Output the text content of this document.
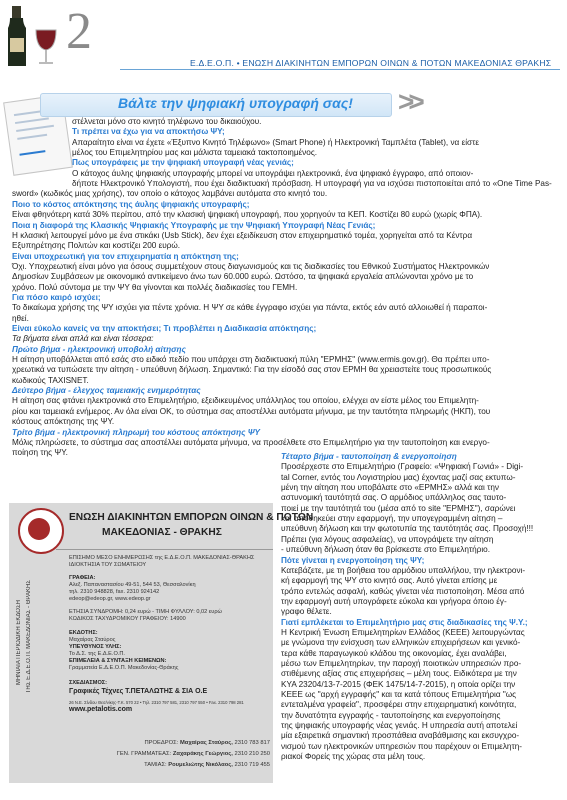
2
Ε.Δ.Ε.Ο.Π. • ΕΝΩΣΗ ΔΙΑΚΙΝΗΤΩΝ ΕΜΠΟΡΩΝ ΟΙΝΩΝ & ΠΟΤΩΝ ΜΑΚΕΔΟΝΙΑΣ ΘΡΑΚΗΣ
Βάλτε την ψηφιακή υπογραφή σας! >>
στέλνεται μόνο στο κινητό τηλέφωνο του δικαιούχου.
Τι πρέπει να έχω για να αποκτήσω ΨΥ;
Απαραίτητο είναι να έχετε «Έξυπνο Κινητό Τηλέφωνο» (Smart Phone) ή Ηλεκτρονική Ταμπλέτα (Tablet), να είστε
μέλος του Επιμελητηρίου μας και μάλιστα ταμειακά τακτοποιημένος.
Πως υπογράφεις με την ψηφιακή υπογραφή νέας γενιάς;
Ο κάτοχος άυλης ψηφιακής υπογραφής μπορεί να υπογράψει ηλεκτρονικά, ένα ψηφιακό έγγραφο, από οποιον-
δήποτε Ηλεκτρονικό Υπολογιστή, που έχει διαδικτυακή πρόσβαση. Η υπογραφή για να ισχύσει πιστοποιείται από το «One Time Pas-
sword» (κωδικός μιας χρήσης), τον οποίο ο κάτοχος λαμβάνει αυτόματα στο κινητό του.
Ποιο το κόστος απόκτησης της άυλης ψηφιακής υπογραφής;
Είναι φθηνότερη κατά 30% περίπου, από την κλασική ψηφιακή υπογραφή, που χορηγούν τα ΚΕΠ. Κοστίζει 80 ευρώ (χωρίς ΦΠΑ).
Ποια η διαφορά της Κλασικής Ψηφιακής Υπογραφής με την Ψηφιακή Υπογραφή Νέας Γενιάς;
Η κλασική λειτουργεί μόνο με ένα στικάκι (Usb Stick), δεν έχει εξειδίκευση στον επιχειρηματικό τομέα, χορηγείται από τα Κέντρα
Εξυπηρέτησης Πολιτών και κοστίζει 200 ευρώ.
Είναι υποχρεωτική για τον επιχειρηματία η απόκτηση της;
Όχι. Υποχρεωτική είναι μόνο για όσους συμμετέχουν στους διαγωνισμούς και τις διαδικασίες του Εθνικού Συστήματος Ηλεκτρονικών
Δημοσίων Συμβάσεων με οικονομικό αντικείμενο άνω των 60.000 ευρώ. Ωστόσο, τα ψηφιακά εργαλεία απλώνονται χρόνο με το
χρόνο. Πολύ σύντομα με την ΨΥ θα γίνονται και πολλές διαδικασίες του ΓΕΜΗ.
Για πόσο καιρό ισχύει;
Το δικαίωμα χρήσης της ΨΥ ισχύει για πέντε χρόνια. Η ΨΥ σε κάθε έγγραφο ισχύει για πάντα, εκτός εάν αυτό αλλοιωθεί ή παραποι-
ηθεί.
Είναι εύκολο κανείς να την αποκτήσει; Τι προβλέπει η Διαδικασία απόκτησης;
Τα βήματα είναι απλά και είναι τέσσερα:
Πρώτο βήμα - ηλεκτρονική υποβολή αίτησης
Η αίτηση υποβάλλεται από εσάς στο ειδικό πεδίο που υπάρχει στη διαδικτυακή πύλη "ΕΡΜΗΣ" (www.ermis.gov.gr). Θα πρέπει υπο-
χρεωτικά να τυπώσετε την αίτηση - υπεύθυνη δήλωση. Σημαντικό: Για την είσοδό σας στον ΕΡΜΗ θα χρειαστείτε τους προσωπικούς
κωδικούς TAXISNET.
Δεύτερο βήμα - έλεγχος ταμειακής ενημερότητας
Η αίτηση σας φτάνει ηλεκτρονικά στο Επιμελητήριο, εξειδικευμένος υπάλληλος του οποίου, ελέγχει αν είστε μέλος του Επιμελητη-
ρίου και ταμειακά ενήμερος. Αν όλα είναι ΟΚ, το σύστημα σας αποστέλλει αυτόματα μήνυμα, με την ταυτότητα πληρωμής (ΗΚΠ), του
κόστους απόκτησης της ΨΥ.
Τρίτο βήμα - ηλεκτρονική πληρωμή του κόστους απόκτησης ΨΥ
Μόλις πληρώσετε, το σύστημα σας αποστέλλει αυτόματα μήνυμα, να προσέλθετε στο Επιμελητήριο για την ταυτοποίηση και ενεργο-
ποίηση της ΨΥ.	Τέταρτο βήμα - ταυτοποίηση & ενεργοποίηση
Προσέρχεστε στο Επιμελητήριο (Γραφείο: «Ψηφιακή Γωνιά» - Digi-
tal Corner, εντός του Λογιστηρίου μας) έχοντας μαζί σας εκτυπω-
μένη την αίτηση που υποβάλατε στο «ΕΡΜΗΣ» αλλά και την
αστυνομική ταυτότητά σας. Ο αρμόδιος υπάλληλος σας ταυτο-
ποιεί με την ταυτότητά του (μέσα από το site "ΕΡΜΗΣ"), σαρώνει
και αποθηκεύει στην εφαρμογή, την υπογεγραμμένη αίτηση –
υπεύθυνη δήλωση και την φωτοτυπία της ταυτότητάς σας. Προσοχή!!!
Πρέπει (για λόγους ασφαλείας), να υπογράψετε την αίτηση
- υπεύθυνη δήλωση όταν θα βρίσκεστε στο Επιμελητήριο.
Πότε γίνεται η ενεργοποίηση της ΨΥ;
Κατεβάζετε, με τη βοήθεια του αρμόδιου υπαλλήλου, την ηλεκτρονι-
κή εφαρμογή της ΨΥ στο κινητό σας. Αυτό γίνεται επίσης με
τρόπο εντελώς ασφαλή, καθώς γίνεται νέα πιστοποίηση. Μέσα από
την εφαρμογή αυτή υπογράφετε εύκολα και γρήγορα όποιο έγ-
γραφο θέλετε.
Γιατί εμπλέκεται το Επιμελητήριο μας στις διαδικασίες της Ψ.Υ.;
Η Κεντρική Ένωση Επιμελητηρίων Ελλάδος (ΚΕΕΕ) λειτουργώντας
με γνώμονα την ενίσχυση των ελληνικών επιχειρήσεων και γενικό-
τερα κάθε παραγωγικού κλάδου της οικονομίας, έχει αναλάβει,
μέσω των Επιμελητηρίων, την παροχή ποιοτικών υπηρεσιών προ-
στιθέμενης αξίας στις επιχειρήσεις – μέλη τους. Ειδικότερα με την
ΚΥΑ 23204/13-7-2015 (ΦΕΚ 1475/14-7-2015), η οποία ορίζει την
ΚΕΕΕ ως "αρχή εγγραφής" και τα κατά τόπους Επιμελητήρια "ως
εντεταλμένα γραφεία", προσφέρει στην επιχειρηματική κοινότητα,
την δυνατότητα εγγραφής - ταυτοποίησης και ενεργοποίησης
της ψηφιακής υπογραφής νέας γενιάς. Η υπηρεσία αυτή αποτελεί
μία εξαιρετικά σημαντική προσπάθεια αναβάθμισης και εκσυγχρο-
νισμού των ηλεκτρονικών υπηρεσιών που παρέχουν οι Επιμελητη-
ριακοί Φορείς της χώρας στα μέλη τους.
ΜΗΝΙΑΙΑ ΠΕΡΙΟΔΙΚΗ ΕΚΔΟΣΗ ΤΗΣ Ε.Δ.Ε.Ο.Π. ΜΑΚΕΔΟΝΙΑΣ - ΘΡΑΚΗΣ
ΕΝΩΣΗ ΔΙΑΚΙΝΗΤΩΝ ΕΜΠΟΡΩΝ ΟΙΝΩΝ & ΠΟΤΩΝ
ΜΑΚΕΔΟΝΙΑΣ - ΘΡΑΚΗΣ
ΕΠΙΣΗΜΟ ΜΕΣΟ ΕΝΗΜΕΡΩΣΗΣ της Ε.Δ.Ε.Ο.Π. ΜΑΚΕΔΟΝΙΑΣ-ΘΡΑΚΗΣ
ΙΔΙΟΚΤΗΣΙΑ ΤΟΥ ΣΩΜΑΤΕΙΟΥ
ΓΡΑΦΕΙΑ:
Αλεξ. Παπαναστασίου 49-51, 544 53, Θεσσαλονίκη
τηλ. 2310 948828, fax. 2310 924142
edeop@edeop.gr, www.edeop.gr
ΕΤΗΣΙΑ ΣΥΝΔΡΟΜΗ: 0,24 ευρώ - ΤΙΜΗ ΦΥΛΛΟΥ: 0,02 ευρώ
ΚΩΔΙΚΟΣ ΤΑΧΥΔΡΟΜΙΚΟΥ ΓΡΑΦΕΙΟΥ: 14900
ΕΚΔΟΤΗΣ:
Μαχαίρας Σταύρος
ΥΠΕΥΘΥΝΟΣ ΥΛΗΣ:
Το Δ.Σ. της Ε.Δ.Ε.Ο.Π.
ΕΠΙΜΕΛΕΙΑ & ΣΥΝΤΑΞΗ ΚΕΙΜΕΝΩΝ:
Γραμματεία Ε.Δ.Ε.Ο.Π. Μακεδονίας-Θράκης
ΣΧΕΔΙΑΣΜΟΣ:
Γραφικές Τέχνες Τ.ΠΕΤΑΛΩΤΗΣ & ΣΙΑ Ο.Ε
26 Ν.Ε. Σίνδου Θεσ/νίκης-Τ.Κ. 570 22 • Τηλ. 2310 797 581, 2310 797 550 • Fax. 2310 798 281
www.petalotis.com
ΠΡΟΕΔΡΟΣ: Μαχαίρας Σταύρος, 2310 783 817
ΓΕΝ. ΓΡΑΜΜΑΤΕΑΣ: Ζαχαράκης Γεώργιος, 2310 210 250
ΤΑΜΙΑΣ: Ρουμελιώτης Νικόλαος, 2310 719 455
